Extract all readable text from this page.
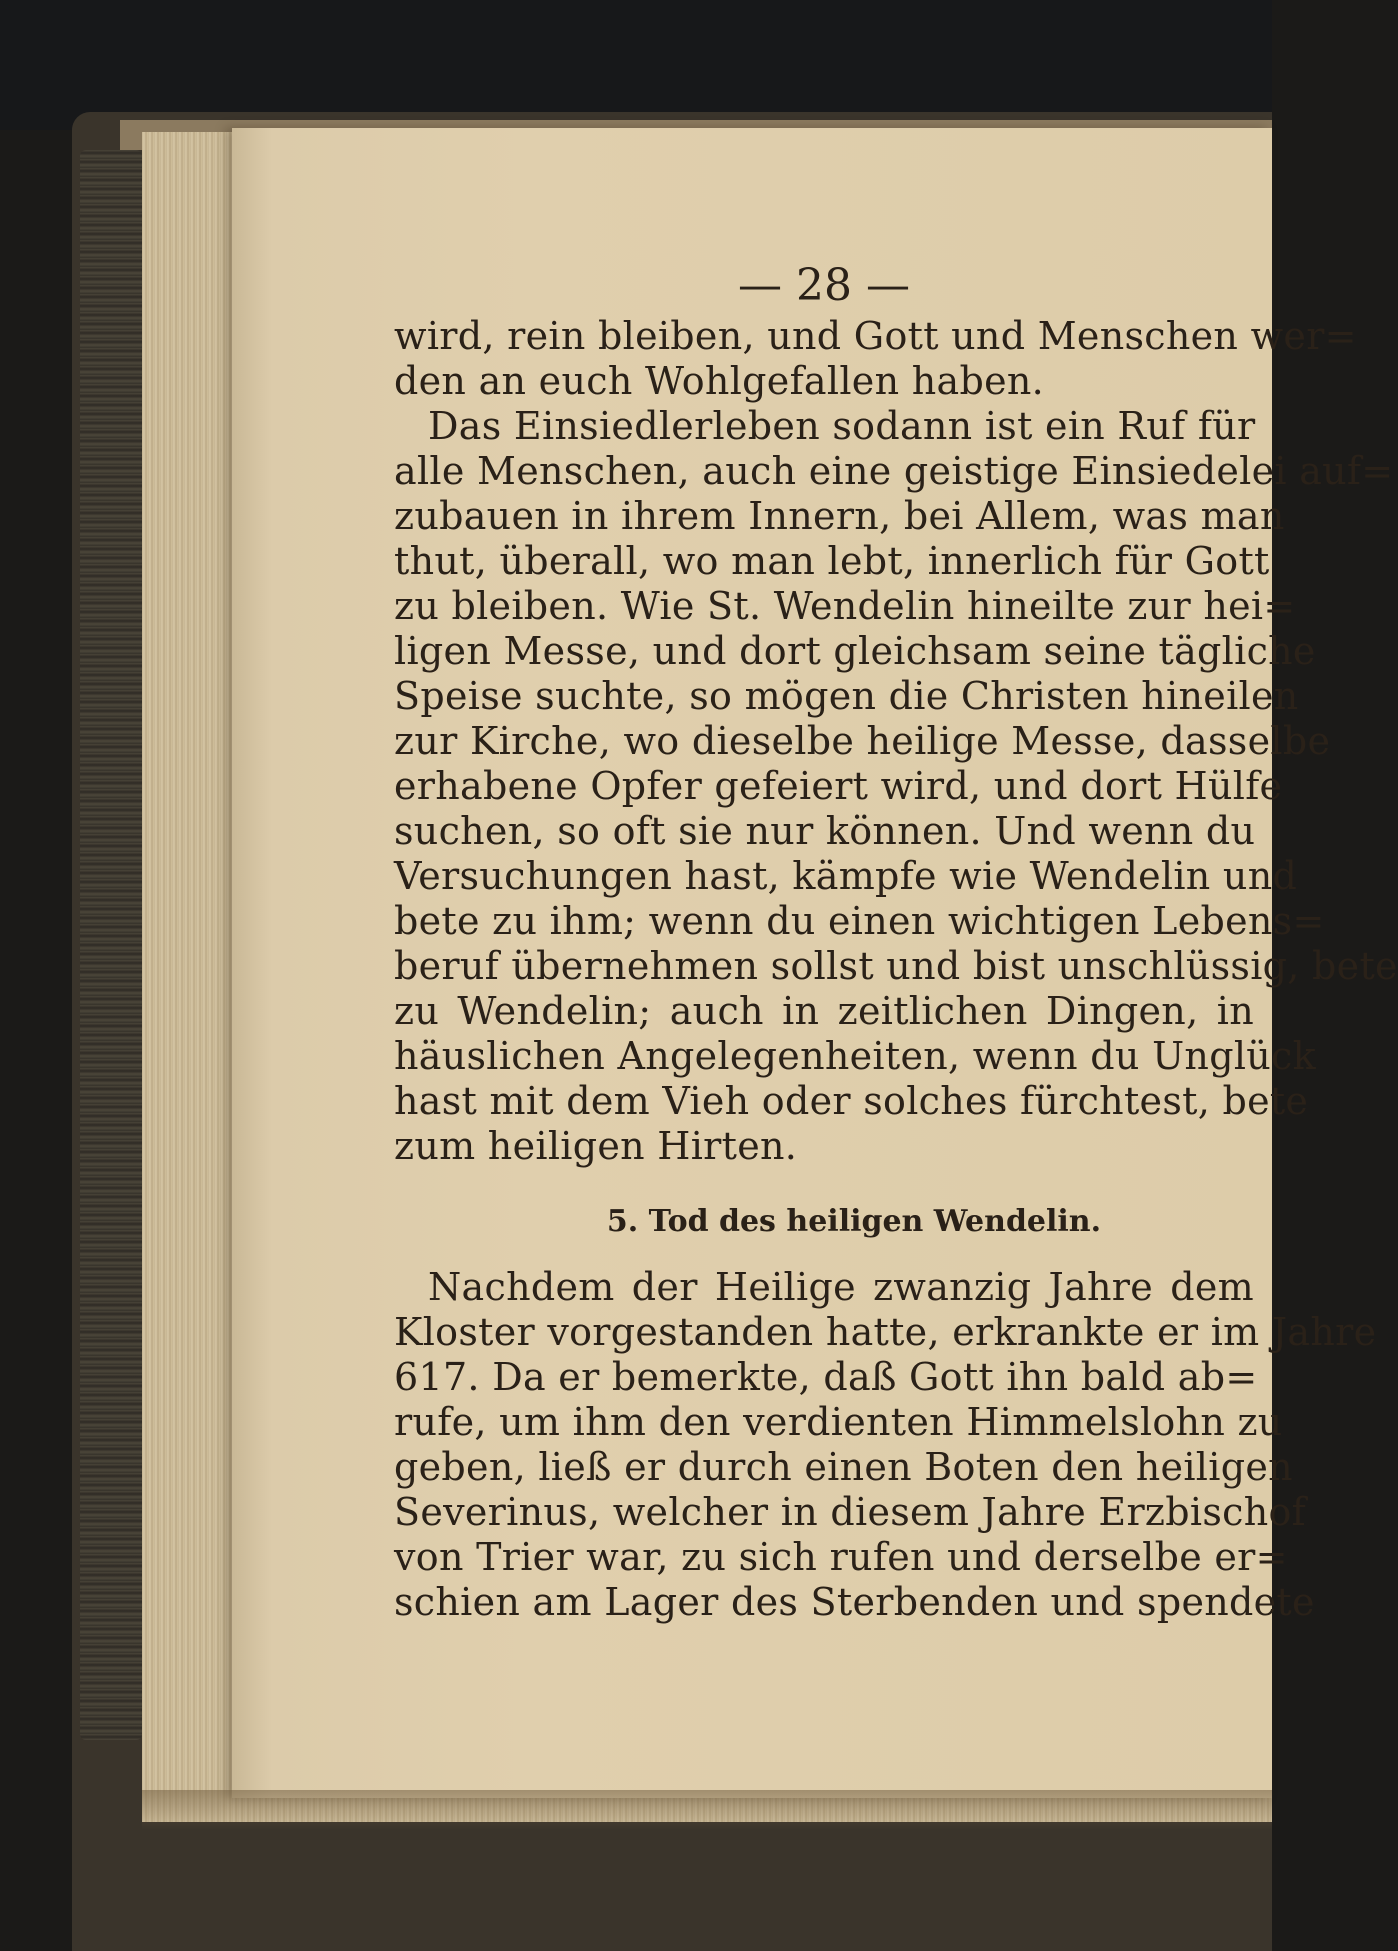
— 28 —
wird, rein bleiben, und Gott und Menschen wer=
den an euch Wohlgefallen haben.
Das Einsiedlerleben sodann ist ein Ruf für
alle Menschen, auch eine geistige Einsiedelei auf=
zubauen in ihrem Innern, bei Allem, was man
thut, überall, wo man lebt, innerlich für Gott
zu bleiben. Wie St. Wendelin hineilte zur hei=
ligen Messe, und dort gleichsam seine tägliche
Speise suchte, so mögen die Christen hineilen
zur Kirche, wo dieselbe heilige Messe, dasselbe
erhabene Opfer gefeiert wird, und dort Hülfe
suchen, so oft sie nur können. Und wenn du
Versuchungen hast, kämpfe wie Wendelin und
bete zu ihm; wenn du einen wichtigen Lebens=
beruf übernehmen sollst und bist unschlüssig, bete
zu Wendelin; auch in zeitlichen Dingen, in
häuslichen Angelegenheiten, wenn du Unglück
hast mit dem Vieh oder solches fürchtest, bete
zum heiligen Hirten.
5. Tod des heiligen Wendelin.
Nachdem der Heilige zwanzig Jahre dem
Kloster vorgestanden hatte, erkrankte er im Jahre
617. Da er bemerkte, daß Gott ihn bald ab=
rufe, um ihm den verdienten Himmelslohn zu
geben, ließ er durch einen Boten den heiligen
Severinus, welcher in diesem Jahre Erzbischof
von Trier war, zu sich rufen und derselbe er=
schien am Lager des Sterbenden und spendete
